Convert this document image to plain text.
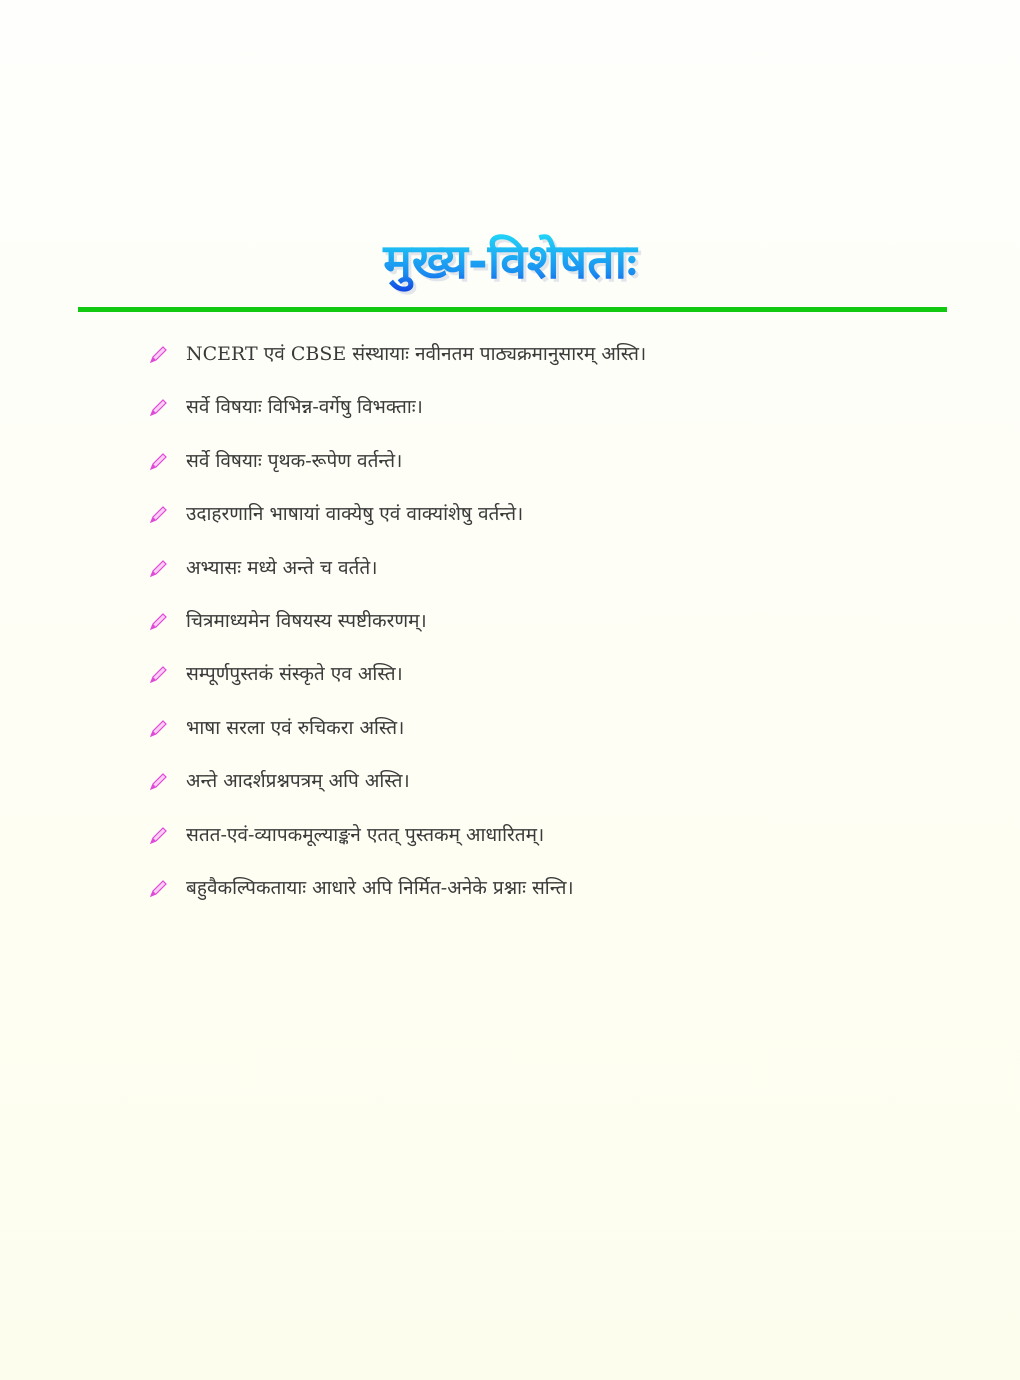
मुख्य-विशेषताः
NCERT एवं CBSE संस्थायाः नवीनतम पाठ्यक्रमानुसारम् अस्ति।
सर्वे विषयाः विभिन्न-वर्गेषु विभक्ताः।
सर्वे विषयाः पृथक-रूपेण वर्तन्ते।
उदाहरणानि भाषायां वाक्येषु एवं वाक्यांशेषु वर्तन्ते।
अभ्यासः मध्ये अन्ते च वर्तते।
चित्रमाध्यमेन विषयस्य स्पष्टीकरणम्।
सम्पूर्णपुस्तकं संस्कृते एव अस्ति।
भाषा सरला एवं रुचिकरा अस्ति।
अन्ते आदर्शप्रश्नपत्रम् अपि अस्ति।
सतत-एवं-व्यापकमूल्याङ्कने एतत् पुस्तकम् आधारितम्।
बहुवैकल्पिकतायाः आधारे अपि निर्मित-अनेके प्रश्नाः सन्ति।
